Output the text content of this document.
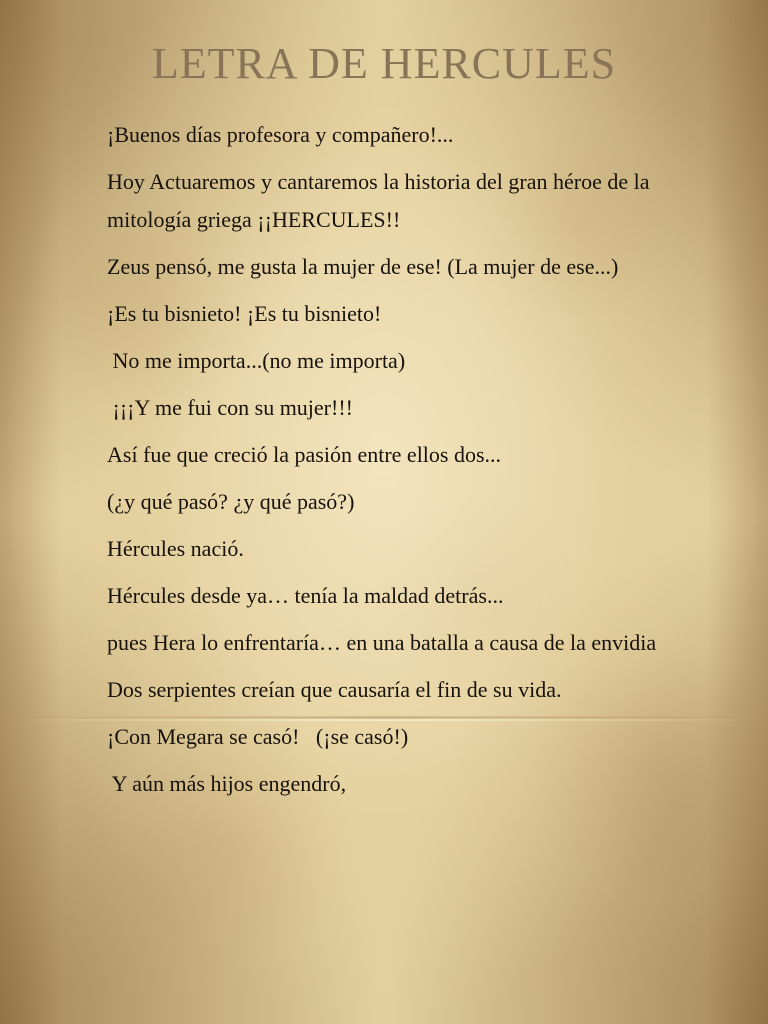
LETRA DE HERCULES

¡Buenos días profesora y compañero!...

Hoy Actuaremos y cantaremos la historia del gran héroe de la mitología griega ¡¡HERCULES!!

Zeus pensó, me gusta la mujer de ese! (La mujer de ese...)

¡Es tu bisnieto! ¡Es tu bisnieto!

No me importa...(no me importa)

¡¡¡Y me fui con su mujer!!!

Así fue que creció la pasión entre ellos dos...

(¿y qué pasó? ¿y qué pasó?)

Hércules nació.

Hércules desde ya… tenía la maldad detrás...

pues Hera lo enfrentaría… en una batalla a causa de la envidia

Dos serpientes creían que causaría el fin de su vida.

¡Con Megara se casó!   (¡se casó!)

Y aún más hijos engendró,
